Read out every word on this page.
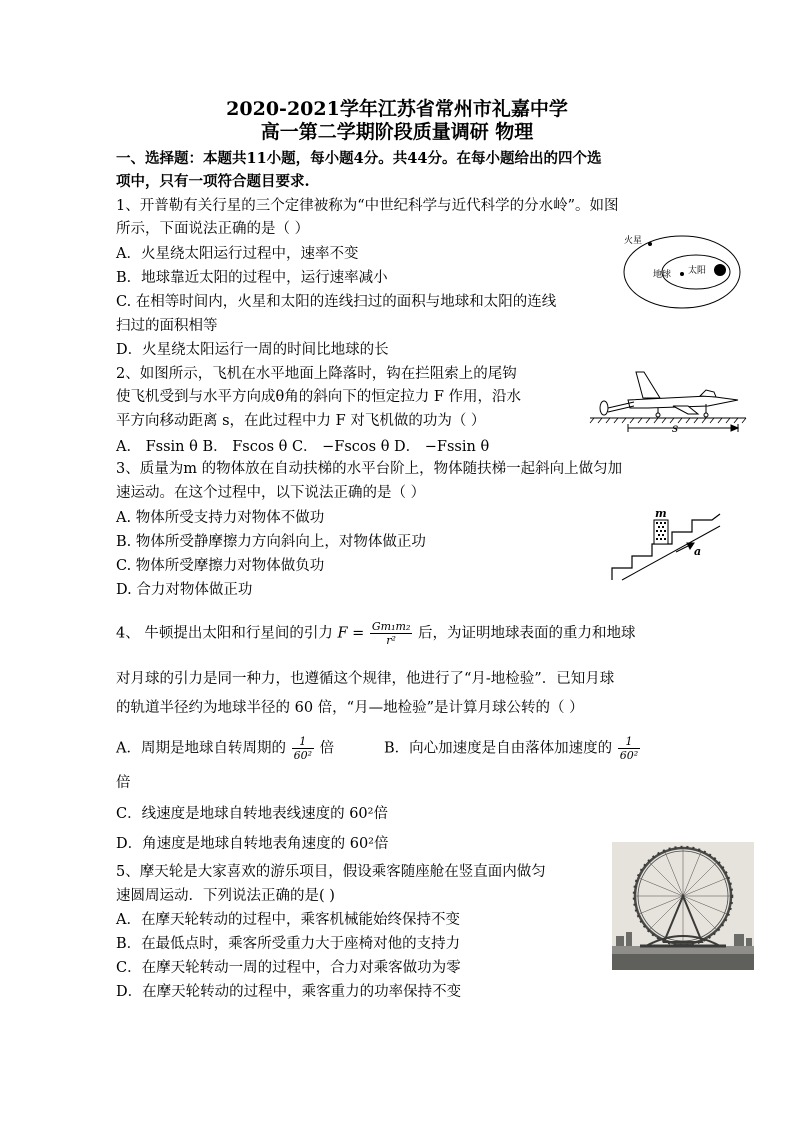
2020-2021学年江苏省常州市礼嘉中学
高一第二学期阶段质量调研 物理
一、选择题：本题共11小题，每小题4分。共44分。在每小题给出的四个选
项中，只有一项符合题目要求.
1、开普勒有关行星的三个定律被称为“中世纪科学与近代科学的分水岭”。如图
所示，下面说法正确的是（ ）
A．火星绕太阳运行过程中，速率不变
B．地球靠近太阳的过程中，运行速率减小
C. 在相等时间内，火星和太阳的连线扫过的面积与地球和太阳的连线
扫过的面积相等
D．火星绕太阳运行一周的时间比地球的长
火星
地球 太阳
2、如图所示，飞机在水平地面上降落时，钩在拦阻索上的尾钩
使飞机受到与水平方向成θ角的斜向下的恒定拉力 F 作用，沿水
平方向移动距离 s，在此过程中力 F 对飞机做的功为（ ）
A． Fssin θ B． Fscos θ C． −Fscos θ D． −Fssin θ
s
3、质量为m 的物体放在自动扶梯的水平台阶上，物体随扶梯一起斜向上做匀加
速运动。在这个过程中，以下说法正确的是（ ）
A. 物体所受支持力对物体不做功
B. 物体所受静摩擦力方向斜向上，对物体做正功
C. 物体所受摩擦力对物体做负功
D. 合力对物体做正功
m
a
4、 牛顿提出太阳和行星间的引力 $F = \frac{\text{Gm₁m₂}}{\text{r²}}$ 后，为证明地球表面的重力和地球
对月球的引力是同一种力，也遵循这个规律，他进行了“月-地检验”．已知月球
的轨道半径约为地球半径的 60 倍，“月—地检验”是计算月球公转的（ ）
A．周期是地球自转周期的 $\frac{1}{\text{60²}}$ 倍	B．向心加速度是自由落体加速度的 $\frac{1}{\text{60²}}$
倍
C．线速度是地球自转地表线速度的 60²倍
D．角速度是地球自转地表角速度的 60²倍
5、摩天轮是大家喜欢的游乐项目，假设乘客随座舱在竖直面内做匀
速圆周运动．下列说法正确的是( )
A．在摩天轮转动的过程中，乘客机械能始终保持不变
B．在最低点时，乘客所受重力大于座椅对他的支持力
C．在摩天轮转动一周的过程中，合力对乘客做功为零
D．在摩天轮转动的过程中，乘客重力的功率保持不变
